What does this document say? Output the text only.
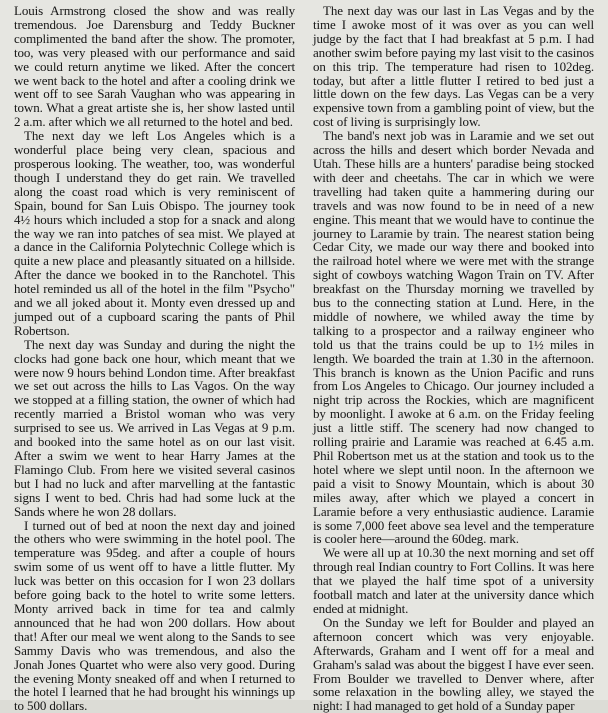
Louis Armstrong closed the show and was really tremendous. Joe Darensburg and Teddy Buckner complimented the band after the show. The promoter, too, was very pleased with our performance and said we could return anytime we liked. After the concert we went back to the hotel and after a cooling drink we went off to see Sarah Vaughan who was appearing in town. What a great artiste she is, her show lasted until 2 a.m. after which we all returned to the hotel and bed.

The next day we left Los Angeles which is a wonderful place being very clean, spacious and prosperous looking. The weather, too, was wonderful though I understand they do get rain. We travelled along the coast road which is very reminiscent of Spain, bound for San Luis Obispo. The journey took 4½ hours which included a stop for a snack and along the way we ran into patches of sea mist. We played at a dance in the California Polytechnic College which is quite a new place and pleasantly situated on a hillside. After the dance we booked in to the Ranchotel. This hotel reminded us all of the hotel in the film "Psycho" and we all joked about it. Monty even dressed up and jumped out of a cupboard scaring the pants of Phil Robertson.

The next day was Sunday and during the night the clocks had gone back one hour, which meant that we were now 9 hours behind London time. After breakfast we set out across the hills to Las Vagos. On the way we stopped at a filling station, the owner of which had recently married a Bristol woman who was very surprised to see us. We arrived in Las Vegas at 9 p.m. and booked into the same hotel as on our last visit. After a swim we went to hear Harry James at the Flamingo Club. From here we visited several casinos but I had no luck and after marvelling at the fantastic signs I went to bed. Chris had had some luck at the Sands where he won 28 dollars.

I turned out of bed at noon the next day and joined the others who were swimming in the hotel pool. The temperature was 95deg. and after a couple of hours swim some of us went off to have a little flutter. My luck was better on this occasion for I won 23 dollars before going back to the hotel to write some letters. Monty arrived back in time for tea and calmly announced that he had won 200 dollars. How about that! After our meal we went along to the Sands to see Sammy Davis who was tremendous, and also the Jonah Jones Quartet who were also very good. During the evening Monty sneaked off and when I returned to the hotel I learned that he had brought his winnings up to 500 dollars.

The next day was our last in Las Vegas and by the time I awoke most of it was over as you can well judge by the fact that I had breakfast at 5 p.m. I had another swim before paying my last visit to the casinos on this trip. The temperature had risen to 102deg. today, but after a little flutter I retired to bed just a little down on the few days. Las Vegas can be a very expensive town from a gambling point of view, but the cost of living is surprisingly low.

The band's next job was in Laramie and we set out across the hills and desert which border Nevada and Utah. These hills are a hunters' paradise being stocked with deer and cheetahs. The car in which we were travelling had taken quite a hammering during our travels and was now found to be in need of a new engine. This meant that we would have to continue the journey to Laramie by train. The nearest station being Cedar City, we made our way there and booked into the railroad hotel where we were met with the strange sight of cowboys watching Wagon Train on TV. After breakfast on the Thursday morning we travelled by bus to the connecting station at Lund. Here, in the middle of nowhere, we whiled away the time by talking to a prospector and a railway engineer who told us that the trains could be up to 1½ miles in length. We boarded the train at 1.30 in the afternoon. This branch is known as the Union Pacific and runs from Los Angeles to Chicago. Our journey included a night trip across the Rockies, which are magnificent by moonlight. I awoke at 6 a.m. on the Friday feeling just a little stiff. The scenery had now changed to rolling prairie and Laramie was reached at 6.45 a.m. Phil Robertson met us at the station and took us to the hotel where we slept until noon. In the afternoon we paid a visit to Snowy Mountain, which is about 30 miles away, after which we played a concert in Laramie before a very enthusiastic audience. Laramie is some 7,000 feet above sea level and the temperature is cooler here—around the 60deg. mark.

We were all up at 10.30 the next morning and set off through real Indian country to Fort Collins. It was here that we played the half time spot of a university football match and later at the university dance which ended at midnight.

On the Sunday we left for Boulder and played an afternoon concert which was very enjoyable. Afterwards, Graham and I went off for a meal and Graham's salad was about the biggest I have ever seen. From Boulder we travelled to Denver where, after some relaxation in the bowling alley, we stayed the night: I had managed to get hold of a Sunday paper
